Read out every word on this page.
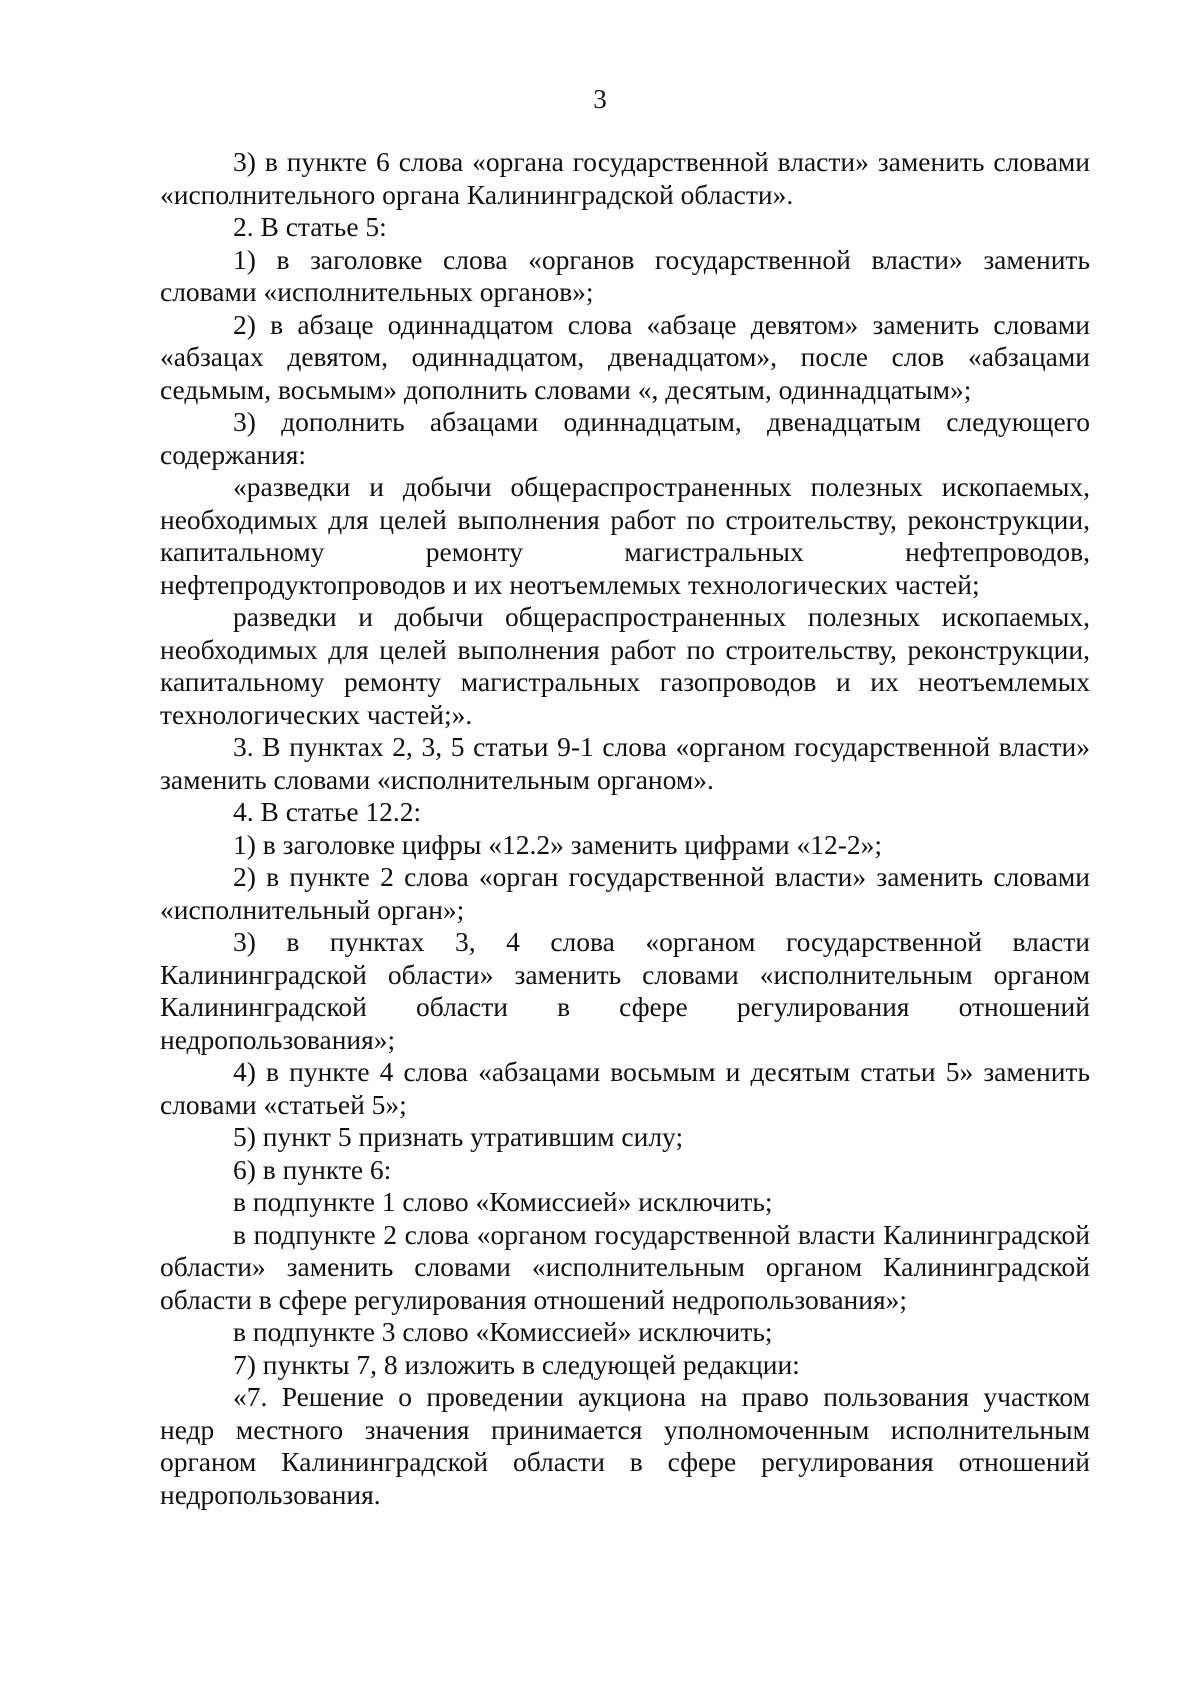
3

3) в пункте 6 слова «органа государственной власти» заменить словами «исполнительного органа Калининградской области».

2. В статье 5:

1) в заголовке слова «органов государственной власти» заменить словами «исполнительных органов»;

2) в абзаце одиннадцатом слова «абзаце девятом» заменить словами «абзацах девятом, одиннадцатом, двенадцатом», после слов «абзацами седьмым, восьмым» дополнить словами «, десятым, одиннадцатым»;

3) дополнить абзацами одиннадцатым, двенадцатым следующего содержания:

«разведки и добычи общераспространенных полезных ископаемых, необходимых для целей выполнения работ по строительству, реконструкции, капитальному ремонту магистральных нефтепроводов, нефтепродуктопроводов и их неотъемлемых технологических частей;

разведки и добычи общераспространенных полезных ископаемых, необходимых для целей выполнения работ по строительству, реконструкции, капитальному ремонту магистральных газопроводов и их неотъемлемых технологических частей;».

3. В пунктах 2, 3, 5 статьи 9-1 слова «органом государственной власти» заменить словами «исполнительным органом».

4. В статье 12.2:

1) в заголовке цифры «12.2» заменить цифрами «12-2»;

2) в пункте 2 слова «орган государственной власти» заменить словами «исполнительный орган»;

3) в пунктах 3, 4 слова «органом государственной власти Калининградской области» заменить словами «исполнительным органом Калининградской области в сфере регулирования отношений недропользования»;

4) в пункте 4 слова «абзацами восьмым и десятым статьи 5» заменить словами «статьей 5»;

5) пункт 5 признать утратившим силу;

6) в пункте 6:

в подпункте 1 слово «Комиссией» исключить;

в подпункте 2 слова «органом государственной власти Калининградской области» заменить словами «исполнительным органом Калининградской области в сфере регулирования отношений недропользования»;

в подпункте 3 слово «Комиссией» исключить;

7) пункты 7, 8 изложить в следующей редакции:

«7. Решение о проведении аукциона на право пользования участком недр местного значения принимается уполномоченным исполнительным органом Калининградской области в сфере регулирования отношений недропользования.
